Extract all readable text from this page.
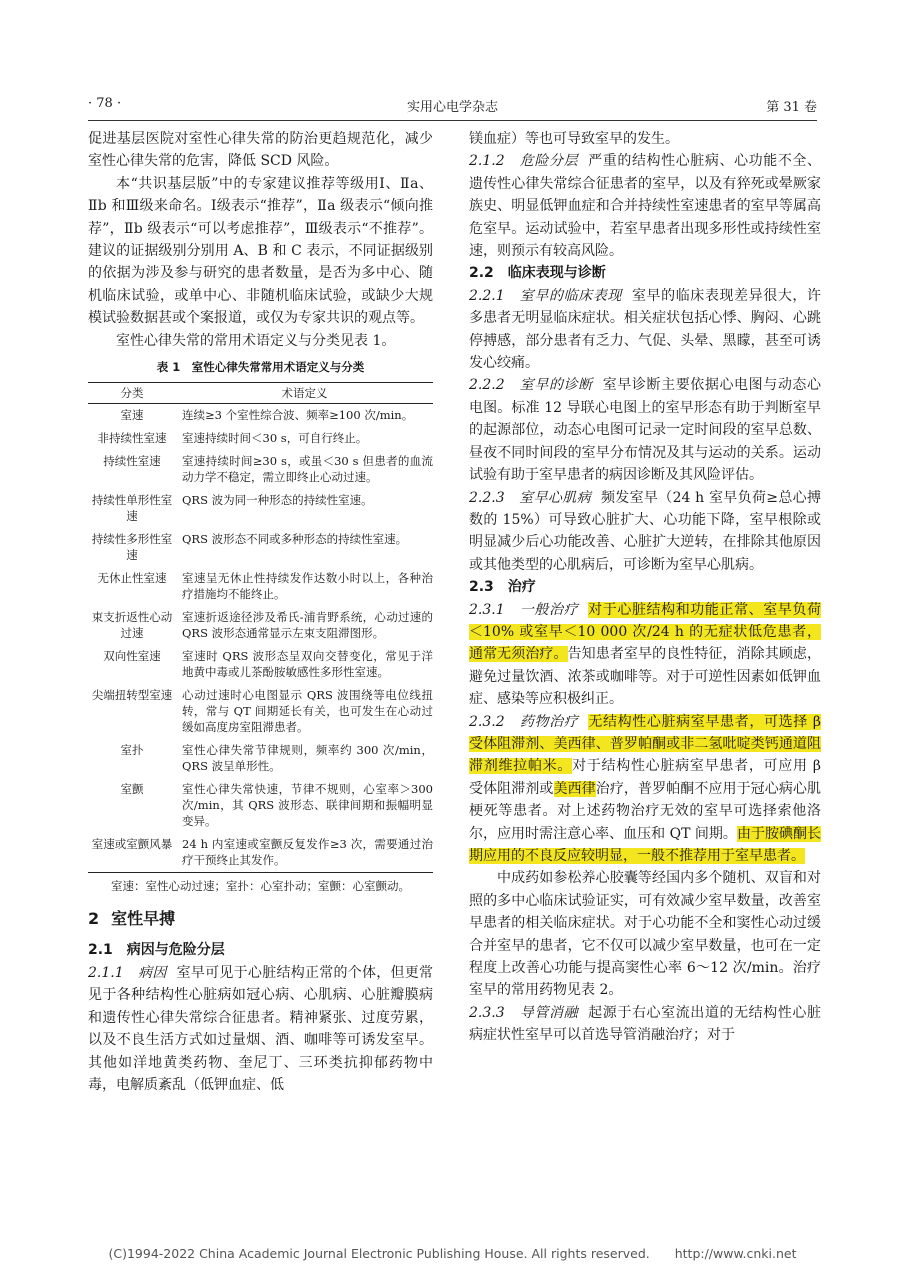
· 78 ·	实用心电学杂志	第 31 卷

促进基层医院对室性心律失常的防治更趋规范化，减少室性心律失常的危害，降低 SCD 风险。

本“共识基层版”中的专家建议推荐等级用Ⅰ、Ⅱa、Ⅱb 和Ⅲ级来命名。Ⅰ级表示“推荐”，Ⅱa 级表示“倾向推荐”，Ⅱb 级表示“可以考虑推荐”，Ⅲ级表示“不推荐”。建议的证据级别分别用 A、B 和 C 表示，不同证据级别的依据为涉及参与研究的患者数量，是否为多中心、随机临床试验，或单中心、非随机临床试验，或缺少大规模试验数据甚或个案报道，或仅为专家共识的观点等。

室性心律失常的常用术语定义与分类见表 1。

表 1　室性心律失常常用术语定义与分类
分类	术语定义
室速	连续≥3 个室性综合波、频率≥100 次/min。
非持续性室速	室速持续时间＜30 s，可自行终止。
持续性室速	室速持续时间≥30 s，或虽＜30 s 但患者的血流动力学不稳定，需立即终止心动过速。
持续性单形性室速	QRS 波为同一种形态的持续性室速。
持续性多形性室速	QRS 波形态不同或多种形态的持续性室速。
无休止性室速	室速呈无休止性持续发作达数小时以上，各种治疗措施均不能终止。
束支折返性心动过速	室速折返途径涉及希氏-浦肯野系统，心动过速的 QRS 波形态通常显示左束支阻滞图形。
双向性室速	室速时 QRS 波形态呈双向交替变化，常见于洋地黄中毒或儿茶酚胺敏感性多形性室速。
尖端扭转型室速	心动过速时心电图显示 QRS 波围绕等电位线扭转，常与 QT 间期延长有关，也可发生在心动过缓如高度房室阻滞患者。
室扑	室性心律失常节律规则，频率约 300 次/min，QRS 波呈单形性。
室颤	室性心律失常快速，节律不规则，心室率＞300 次/min，其 QRS 波形态、联律间期和振幅明显变异。
室速或室颤风暴	24 h 内室速或室颤反复发作≥3 次，需要通过治疗干预终止其发作。
室速：室性心动过速；室扑：心室扑动；室颤：心室颤动。
2 室性早搏
2.1　病因与危险分层

2.1.1　病因 室早可见于心脏结构正常的个体，但更常见于各种结构性心脏病如冠心病、心肌病、心脏瓣膜病和遗传性心律失常综合征患者。精神紧张、过度劳累，以及不良生活方式如过量烟、酒、咖啡等可诱发室早。其他如洋地黄类药物、奎尼丁、三环类抗抑郁药物中毒，电解质紊乱（低钾血症、低

镁血症）等也可导致室早的发生。

2.1.2　危险分层 严重的结构性心脏病、心功能不全、遗传性心律失常综合征患者的室早，以及有猝死或晕厥家族史、明显低钾血症和合并持续性室速患者的室早等属高危室早。运动试验中，若室早患者出现多形性或持续性室速，则预示有较高风险。

2.2　临床表现与诊断

2.2.1　室早的临床表现 室早的临床表现差异很大，许多患者无明显临床症状。相关症状包括心悸、胸闷、心跳停搏感，部分患者有乏力、气促、头晕、黑矇，甚至可诱发心绞痛。

2.2.2　室早的诊断 室早诊断主要依据心电图与动态心电图。标准 12 导联心电图上的室早形态有助于判断室早的起源部位，动态心电图可记录一定时间段的室早总数、昼夜不同时间段的室早分布情况及其与运动的关系。运动试验有助于室早患者的病因诊断及其风险评估。

2.2.3　室早心肌病 频发室早（24 h 室早负荷≥总心搏数的 15%）可导致心脏扩大、心功能下降，室早根除或明显减少后心功能改善、心脏扩大逆转，在排除其他原因或其他类型的心肌病后，可诊断为室早心肌病。

2.3　治疗

2.3.1　一般治疗 对于心脏结构和功能正常、室早负荷＜10% 或室早＜10 000 次/24 h 的无症状低危患者，通常无须治疗。告知患者室早的良性特征，消除其顾虑，避免过量饮酒、浓茶或咖啡等。对于可逆性因素如低钾血症、感染等应积极纠正。

2.3.2　药物治疗 无结构性心脏病室早患者，可选择 β 受体阻滞剂、美西律、普罗帕酮或非二氢吡啶类钙通道阻滞剂维拉帕米。对于结构性心脏病室早患者，可应用 β 受体阻滞剂或美西律治疗，普罗帕酮不应用于冠心病心肌梗死等患者。对上述药物治疗无效的室早可选择索他洛尔，应用时需注意心率、血压和 QT 间期。由于胺碘酮长期应用的不良反应较明显，一般不推荐用于室早患者。

中成药如参松养心胶囊等经国内多个随机、双盲和对照的多中心临床试验证实，可有效减少室早数量，改善室早患者的相关临床症状。对于心功能不全和窦性心动过缓合并室早的患者，它不仅可以减少室早数量，也可在一定程度上改善心功能与提高窦性心率 6～12 次/min。治疗室早的常用药物见表 2。

2.3.3　导管消融 起源于右心室流出道的无结构性心脏病症状性室早可以首选导管消融治疗；对于

(C)1994-2022 China Academic Journal Electronic Publishing House. All rights reserved.　　http://www.cnki.net
